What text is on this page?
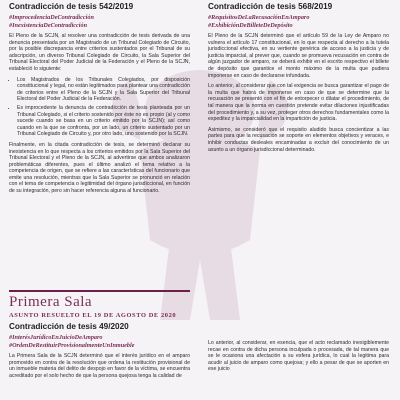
Contradicción de tesis 542/2019
#ImprocedenciaDeContradicción
#InexistenciaDeContradicción

El Pleno de la SCJN, al resolver una contradicción de tesis derivada de una denuncia presentada por un Magistrado de un Tribunal Colegiado de Circuito, por la posible discrepancia entre criterios sustentados por el Tribunal de su adscripción, un diverso Tribunal Colegiado de Circuito, la Sala Superior del Tribunal Electoral del Poder Judicial de la Federación y el Pleno de la SCJN, estableció lo siguiente:

• Los Magistrados de los Tribunales Colegiados, por disposición constitucional y legal, no están legitimados para plantear una contradicción de criterios entre el Pleno de la SCJN y la Sala Superior del Tribunal Electoral del Poder Judicial de la Federación.
• Es improcedente la denuncia de contradicción de tesis planteada por un Tribunal Colegiado, si el criterio sostenido por éste no es propio (al y como sucede cuando se basa en un criterio emitido por la SCJN); así como cuando en la que se confronta, por un lado, un criterio sustentado por un Tribunal Colegiado de Circuito y, por otro lado, uno sostenido por la SCJN.

Finalmente, en la citada contradicción de tesis, se determinó declarar su inexistencia en lo que respecta a los criterios emitidos por la Sala Superior del Tribunal Electoral y el Pleno de la SCJN, al advertirse que ambos analizaron problemáticas diferentes, pues el último analizó el tema relativo a la competencia de origen, que se refiere a las características del funcionario que emite una resolución, mientras que la Sala Superior se pronunció en relación con el tema de competencia o legitimidad del órgano jurisdiccional, en función de su integración, pero sin hacer referencia alguna al funcionario.

Contradicción de tesis 568/2019
#RequisitosDeLaRecusaciónEnAmparo
#ExhibiciónDeBilleteDeDepósito

El Pleno de la SCJN determinó que el artículo 59 de la Ley de Amparo no vulnera el artículo 17 constitucional, en lo que respecta al derecho a la tutela jurisdiccional efectiva, en su vertiente genérica de acceso a la justicia y de justicia imparcial, al prever que, cuando se promueva recusación en contra de algún juzgador de amparo, se deberá exhibir en el escrito respectivo el billete de depósito que garantice el monto máximo de la multa que pudiera imponerse en caso de declararse infundada.

Lo anterior, al considerar que con tal exigencia se busca garantizar el pago de la multa que habrá de imponerse en caso de que se determine que la recusación se presentó con el fin de entorpecer o dilatar el procedimiento, de tal manera que la norma en cuestión pretende evitar dilaciones injustificadas del procedimiento y, a su vez, proteger otros derechos fundamentales como la expeditez y la imparcialidad en la impartición de justicia.

Asimismo, se consideró que el requisito aludido busca concientizar a las partes para que la recusación se soporte en elementos objetivos y veraces, e inhibir conductas desleales encaminadas a excluir del conocimiento de un asunto a un órgano jurisdiccional determinado.

Primera Sala
ASUNTO RESUELTO EL 19 DE AGOSTO DE 2020
Contradicción de tesis 49/2020
#InterésJurídicoEnJuicioDeAmparo
#OrdenDeRestituirProvisionalmenteUnInmueble

La Primera Sala de la SCJN determinó que el interés jurídico en el amparo promovido en contra de la resolución que ordena la restitución provisional de un inmueble materia del delito de despojo en favor de la víctima, se encuentra acreditado por el solo hecho de que la persona quejosa tenga la calidad de

Lo anterior, al considerar, en esencia, que el acto reclamado inexigiblemente recae en contra de dicha persona inculpada o procesada, de tal manera que se le ocasiona una afectación a su esfera jurídica, lo cual la legitima para acudir al juicio de amparo como quejosa; y ello a pesar de que se aporten en ese juicio
